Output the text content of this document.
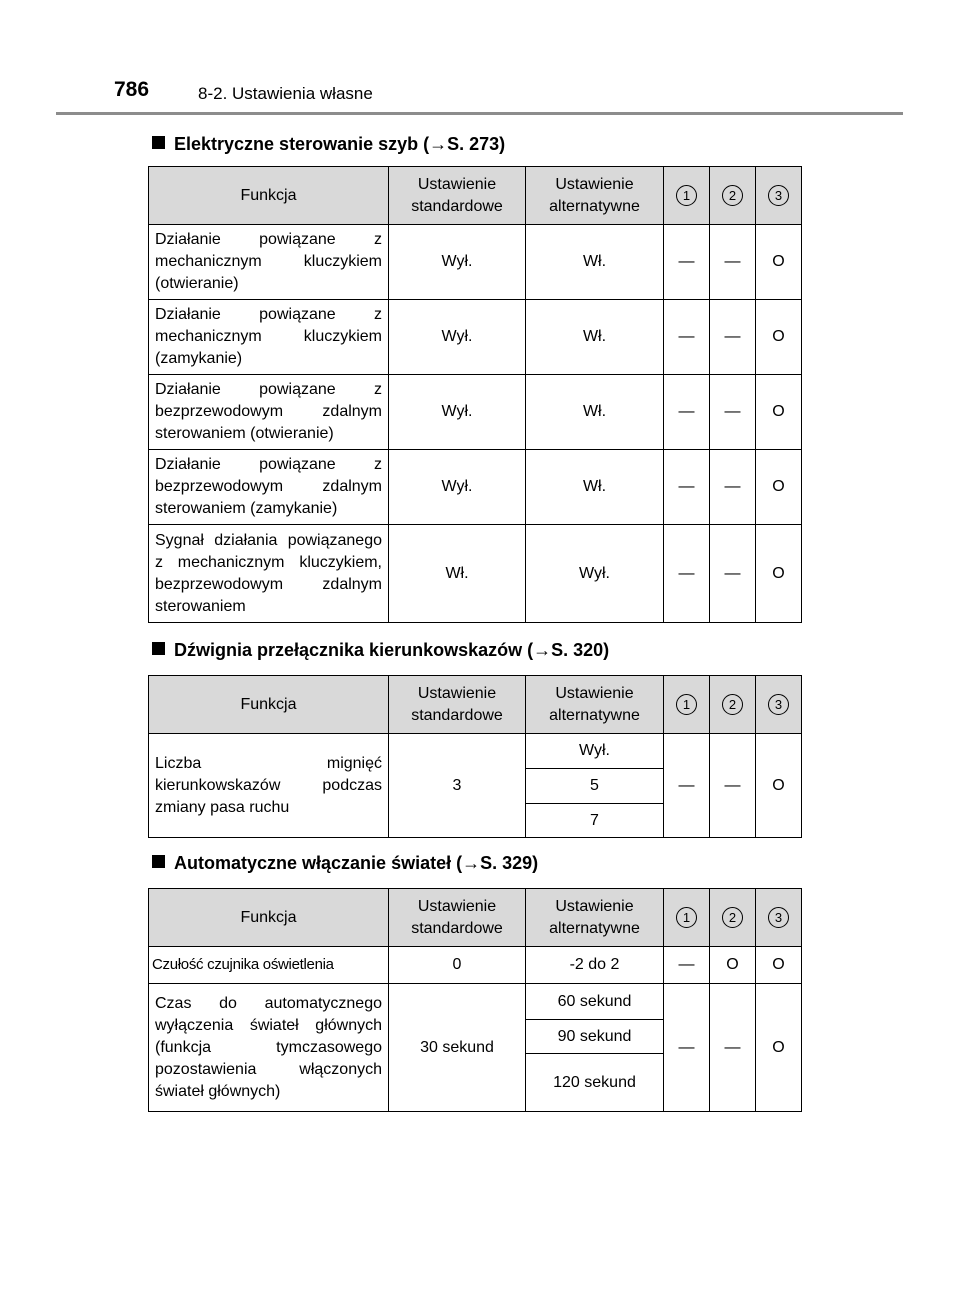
786	8-2. Ustawienia własne
Elektryczne sterowanie szyb (→S. 273)
Funkcja	Ustawienie standardowe	Ustawienie alternatywne	1	2	3
Działanie powiązane z mechanicznym kluczykiem (otwieranie)	Wył.	Wł.	—	—	O
Działanie powiązane z mechanicznym kluczykiem (zamykanie)	Wył.	Wł.	—	—	O
Działanie powiązane z bezprzewodowym zdalnym sterowaniem (otwieranie)	Wył.	Wł.	—	—	O
Działanie powiązane z bezprzewodowym zdalnym sterowaniem (zamykanie)	Wył.	Wł.	—	—	O
Sygnał działania powiązanego z mechanicznym kluczykiem, bezprzewodowym zdalnym sterowaniem	Wł.	Wył.	—	—	O
Dźwignia przełącznika kierunkowskazów (→S. 320)
Funkcja	Ustawienie standardowe	Ustawienie alternatywne	1	2	3
Liczba mignięć kierunkowskazów podczas zmiany pasa ruchu	3	Wył.	—	—	O
		5			
		7			
Automatyczne włączanie świateł (→S. 329)
Funkcja	Ustawienie standardowe	Ustawienie alternatywne	1	2	3
Czułość czujnika oświetlenia	0	-2 do 2	—	O	O
Czas do automatycznego wyłączenia świateł głównych (funkcja tymczasowego pozostawienia włączonych świateł głównych)	30 sekund	60 sekund	—	—	O
		90 sekund			
		120 sekund			
